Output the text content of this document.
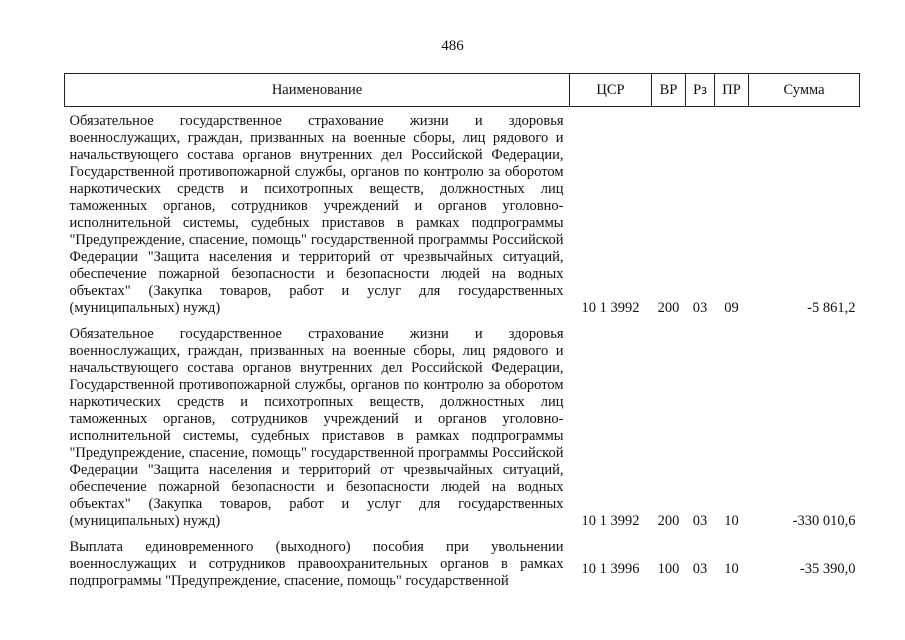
486
Наименование	ЦСР	ВР	Рз	ПР	Сумма
Обязательное государственное страхование жизни и здоровья военнослужащих, граждан, призванных на военные сборы, лиц рядового и начальствующего состава органов внутренних дел Российской Федерации, Государственной противопожарной службы, органов по контролю за оборотом наркотических средств и психотропных веществ, должностных лиц таможенных органов, сотрудников учреждений и органов уголовно-исполнительной системы, судебных приставов в рамках подпрограммы "Предупреждение, спасение, помощь" государственной программы Российской Федерации "Защита населения и территорий от чрезвычайных ситуаций, обеспечение пожарной безопасности и безопасности людей на водных объектах" (Закупка товаров, работ и услуг для государственных (муниципальных) нужд)	10 1 3992	200	03	09	-5 861,2
Обязательное государственное страхование жизни и здоровья военнослужащих, граждан, призванных на военные сборы, лиц рядового и начальствующего состава органов внутренних дел Российской Федерации, Государственной противопожарной службы, органов по контролю за оборотом наркотических средств и психотропных веществ, должностных лиц таможенных органов, сотрудников учреждений и органов уголовно-исполнительной системы, судебных приставов в рамках подпрограммы "Предупреждение, спасение, помощь" государственной программы Российской Федерации "Защита населения и территорий от чрезвычайных ситуаций, обеспечение пожарной безопасности и безопасности людей на водных объектах" (Закупка товаров, работ и услуг для государственных (муниципальных) нужд)	10 1 3992	200	03	10	-330 010,6

Выплата единовременного (выходного) пособия при увольнении военнослужащих и сотрудников правоохранительных органов в рамках подпрограммы "Предупреждение, спасение, помощь" государственной	10 1 3996	100	03	10	-35 390,0
